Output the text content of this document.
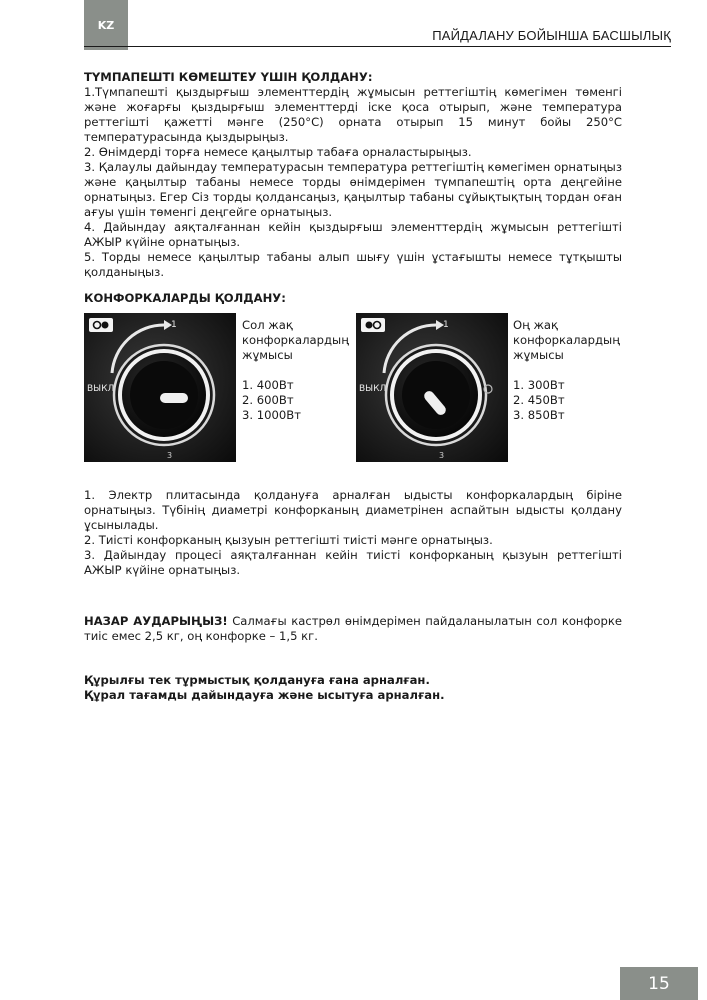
KZ
ПАЙДАЛАНУ БОЙЫНША БАСШЫЛЫҚ

ТҮМПАПЕШТІ КӨМЕШТЕУ ҮШІН ҚОЛДАНУ:

1.Түмпапешті қыздырғыш элементтердің жұмысын реттегіштің көмегімен төменгі және жоғарғы қыздырғыш элементтерді іске қоса отырып, және температура реттегішті қажетті мәнге (250°С) орната отырып 15 минут бойы 250°С температурасында қыздырыңыз.

2. Өнімдерді торға немесе қаңылтыр табаға орналастырыңыз.

3. Қалаулы дайындау температурасын температура реттегіштің көмегімен орнатыңыз және қаңылтыр табаны немесе торды өнімдерімен түмпапештің орта деңгейіне орнатыңыз. Егер Сіз торды қолдансаңыз, қаңылтыр табаны сұйықтықтың тордан оған ағуы үшін төменгі деңгейге орнатыңыз.

4. Дайындау аяқталғаннан кейін қыздырғыш элементтердің жұмысын реттегішті АЖЫР күйіне орнатыңыз.

5. Торды немесе қаңылтыр табаны алып шығу үшін ұстағышты немесе тұтқышты қолданыңыз.

КОНФОРКАЛАРДЫ ҚОЛДАНУ:

1
ВЫКЛ
3
Сол жақ
конфоркалардың
жұмысы
1. 400Вт
2. 600Вт
3. 1000Вт
1
ВЫКЛ
3
Оң жақ
конфоркалардың
жұмысы
1. 300Вт
2. 450Вт
3. 850Вт

1. Электр плитасында қолдануға арналған ыдысты конфоркалардың біріне орнатыңыз. Түбінің диаметрі конфорканың диаметрінен аспайтын ыдысты қолдану ұсынылады.

2. Тиісті конфорканың қызуын реттегішті тиісті мәнге орнатыңыз.

3. Дайындау процесі аяқталғаннан кейін тиісті конфорканың қызуын реттегішті АЖЫР күйіне орнатыңыз.

НАЗАР АУДАРЫҢЫЗ! Салмағы кастрөл өнімдерімен пайдаланылатын сол конфорке тиіс емес 2,5 кг, оң конфорке – 1,5 кг.

Құрылғы тек тұрмыстық қолдануға ғана арналған.

Құрал тағамды дайындауға және ысытуға арналған.

15
